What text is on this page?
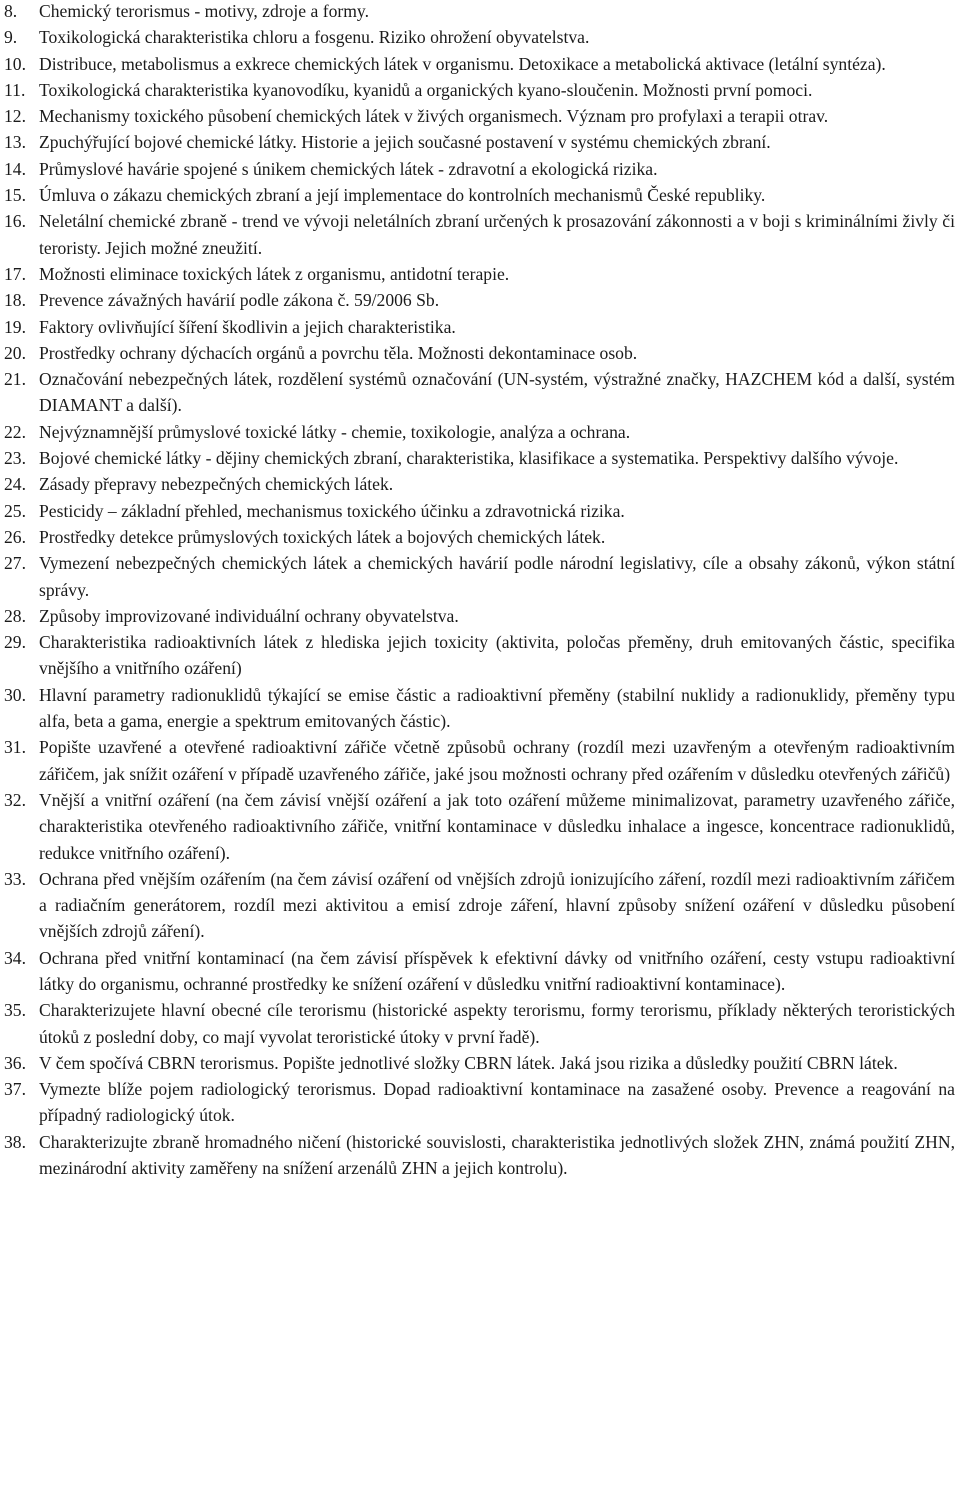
8. Chemický terorismus - motivy, zdroje a formy.
9. Toxikologická charakteristika chloru a fosgenu. Riziko ohrožení obyvatelstva.
10. Distribuce, metabolismus a exkrece chemických látek v organismu. Detoxikace a metabolická aktivace (letální syntéza).
11. Toxikologická charakteristika kyanovodíku, kyanidů a organických kyano-sloučenin. Možnosti první pomoci.
12. Mechanismy toxického působení chemických látek v živých organismech. Význam pro profylaxi a terapii otrav.
13. Zpuchýřující bojové chemické látky. Historie a jejich současné postavení v systému chemických zbraní.
14. Průmyslové havárie spojené s únikem chemických látek - zdravotní a ekologická rizika.
15. Úmluva o zákazu chemických zbraní a její implementace do kontrolních mechanismů České republiky.
16. Neletální chemické zbraně - trend ve vývoji neletálních zbraní určených k prosazování zákonnosti a v boji s kriminálními živly či teroristy. Jejich možné zneužití.
17. Možnosti eliminace toxických látek z organismu, antidotní terapie.
18. Prevence závažných havárií podle zákona č. 59/2006 Sb.
19. Faktory ovlivňující šíření škodlivin a jejich charakteristika.
20. Prostředky ochrany dýchacích orgánů a povrchu těla. Možnosti dekontaminace osob.
21. Označování nebezpečných látek, rozdělení systémů označování (UN-systém, výstražné značky, HAZCHEM kód a další, systém DIAMANT a další).
22. Nejvýznamnější průmyslové toxické látky - chemie, toxikologie, analýza a ochrana.
23. Bojové chemické látky - dějiny chemických zbraní, charakteristika, klasifikace a systematika. Perspektivy dalšího vývoje.
24. Zásady přepravy nebezpečných chemických látek.
25. Pesticidy – základní přehled, mechanismus toxického účinku a zdravotnická rizika.
26. Prostředky detekce průmyslových toxických látek a bojových chemických látek.
27. Vymezení nebezpečných chemických látek a chemických havárií podle národní legislativy, cíle a obsahy zákonů, výkon státní správy.
28. Způsoby improvizované individuální ochrany obyvatelstva.
29. Charakteristika radioaktivních látek z hlediska jejich toxicity (aktivita, poločas přeměny, druh emitovaných částic, specifika vnějšího a vnitřního ozáření)
30. Hlavní parametry radionuklidů týkající se emise částic a radioaktivní přeměny (stabilní nuklidy a radionuklidy, přeměny typu alfa, beta a gama, energie a spektrum emitovaných částic).
31. Popište uzavřené a otevřené radioaktivní zářiče včetně způsobů ochrany (rozdíl mezi uzavřeným a otevřeným radioaktivním zářičem, jak snížit ozáření v případě uzavřeného zářiče, jaké jsou možnosti ochrany před ozářením v důsledku otevřených zářičů)
32. Vnější a vnitřní ozáření (na čem závisí vnější ozáření a jak toto ozáření můžeme minimalizovat, parametry uzavřeného zářiče, charakteristika otevřeného radioaktivního zářiče, vnitřní kontaminace v důsledku inhalace a ingesce, koncentrace radionuklidů, redukce vnitřního ozáření).
33. Ochrana před vnějším ozářením (na čem závisí ozáření od vnějších zdrojů ionizujícího záření, rozdíl mezi radioaktivním zářičem a radiačním generátorem, rozdíl mezi aktivitou a emisí zdroje záření, hlavní způsoby snížení ozáření v důsledku působení vnějších zdrojů záření).
34. Ochrana před vnitřní kontaminací (na čem závisí příspěvek k efektivní dávky od vnitřního ozáření, cesty vstupu radioaktivní látky do organismu, ochranné prostředky ke snížení ozáření v důsledku vnitřní radioaktivní kontaminace).
35. Charakterizujete hlavní obecné cíle terorismu (historické aspekty terorismu, formy terorismu, příklady některých teroristických útoků z poslední doby, co mají vyvolat teroristické útoky v první řadě).
36. V čem spočívá CBRN terorismus. Popište jednotlivé složky CBRN látek. Jaká jsou rizika a důsledky použití CBRN látek.
37. Vymezte blíže pojem radiologický terorismus. Dopad radioaktivní kontaminace na zasažené osoby. Prevence a reagování na případný radiologický útok.
38. Charakterizujte zbraně hromadného ničení (historické souvislosti, charakteristika jednotlivých složek ZHN, známá použití ZHN, mezinárodní aktivity zaměřeny na snížení arzenálů ZHN a jejich kontrolu).
